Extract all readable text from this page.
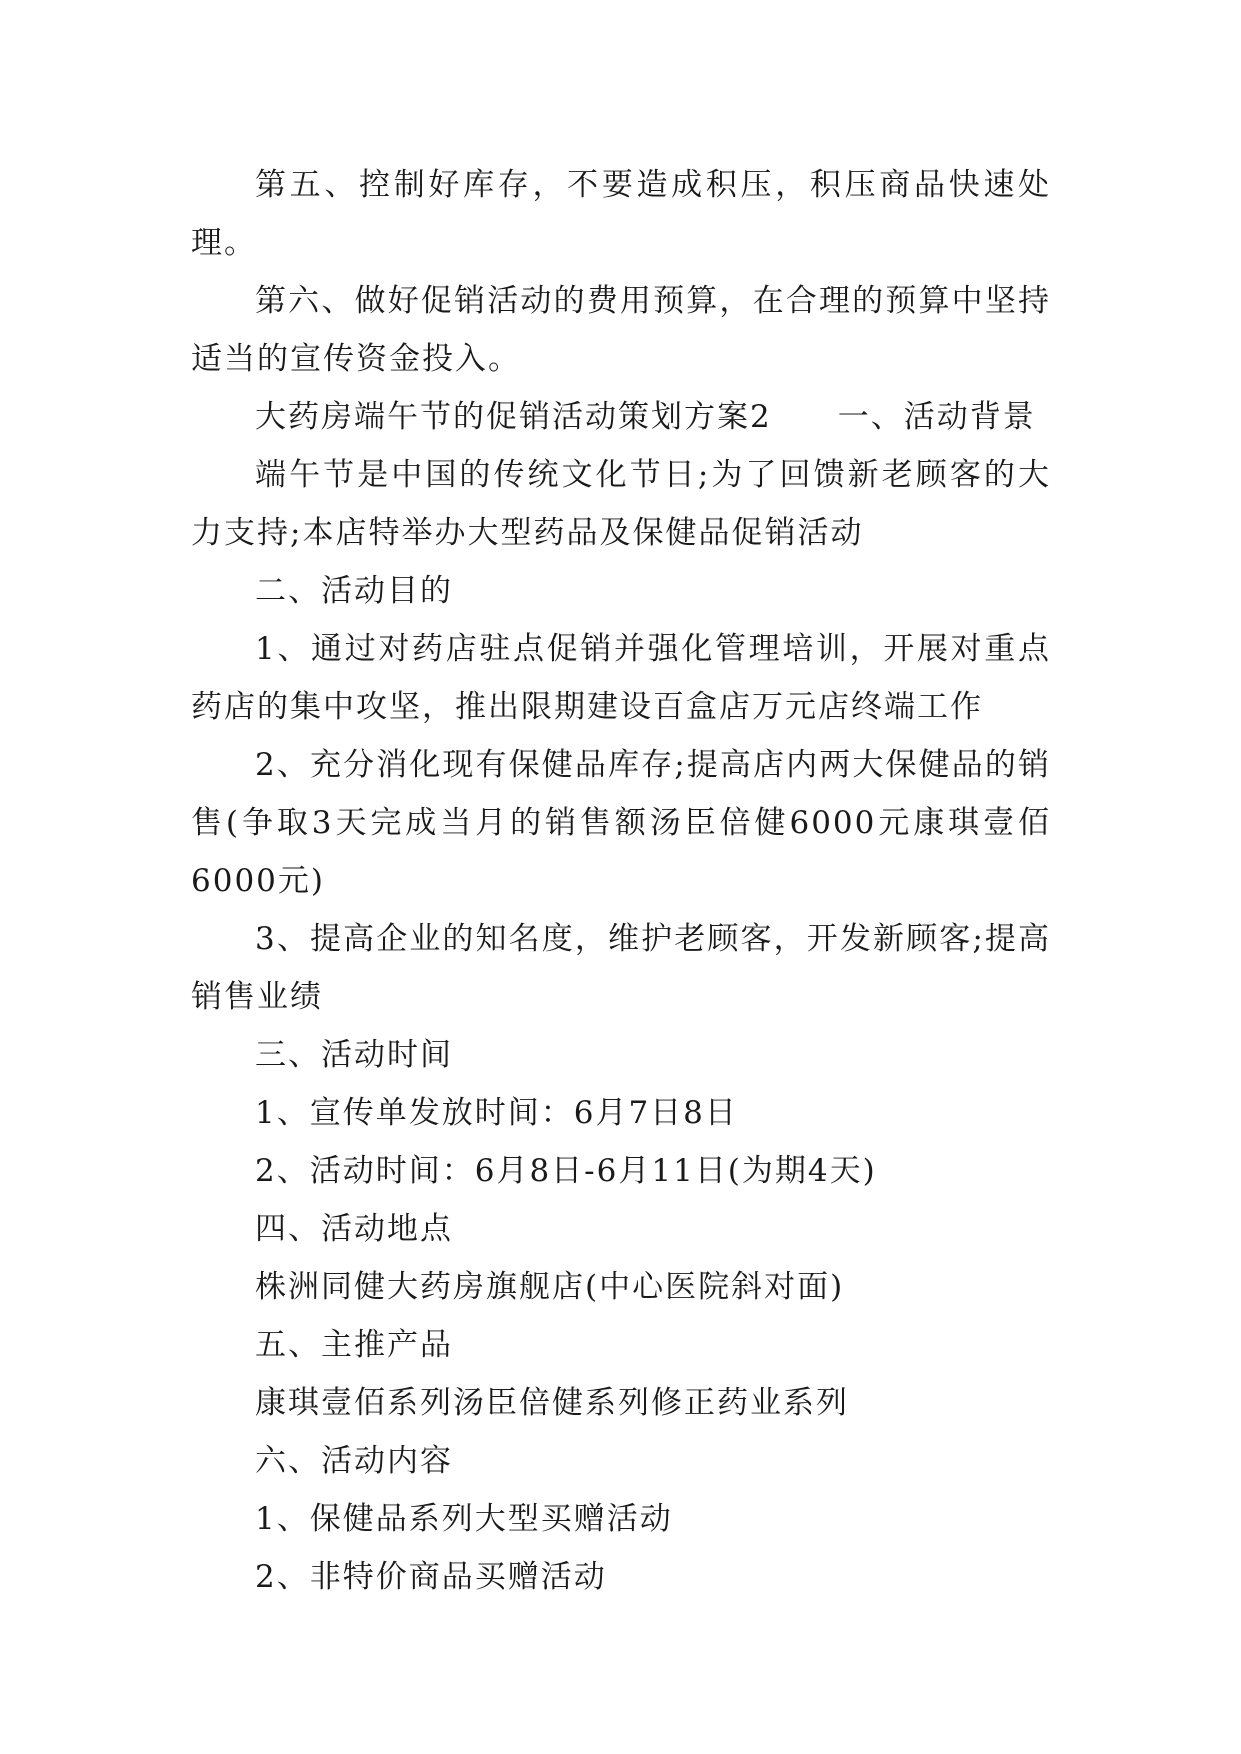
第五、控制好库存，不要造成积压，积压商品快速处理。

第六、做好促销活动的费用预算，在合理的预算中坚持适当的宣传资金投入。

大药房端午节的促销活动策划方案2　　一、活动背景

端午节是中国的传统文化节日;为了回馈新老顾客的大力支持;本店特举办大型药品及保健品促销活动

二、活动目的

1、通过对药店驻点促销并强化管理培训，开展对重点药店的集中攻坚，推出限期建设百盒店万元店终端工作

2、充分消化现有保健品库存;提高店内两大保健品的销售(争取3天完成当月的销售额汤臣倍健6000元康琪壹佰6000元)

3、提高企业的知名度，维护老顾客，开发新顾客;提高销售业绩

三、活动时间

1、宣传单发放时间：6月7日8日

2、活动时间：6月8日-6月11日(为期4天)

四、活动地点

株洲同健大药房旗舰店(中心医院斜对面)

五、主推产品

康琪壹佰系列汤臣倍健系列修正药业系列

六、活动内容

1、保健品系列大型买赠活动

2、非特价商品买赠活动
